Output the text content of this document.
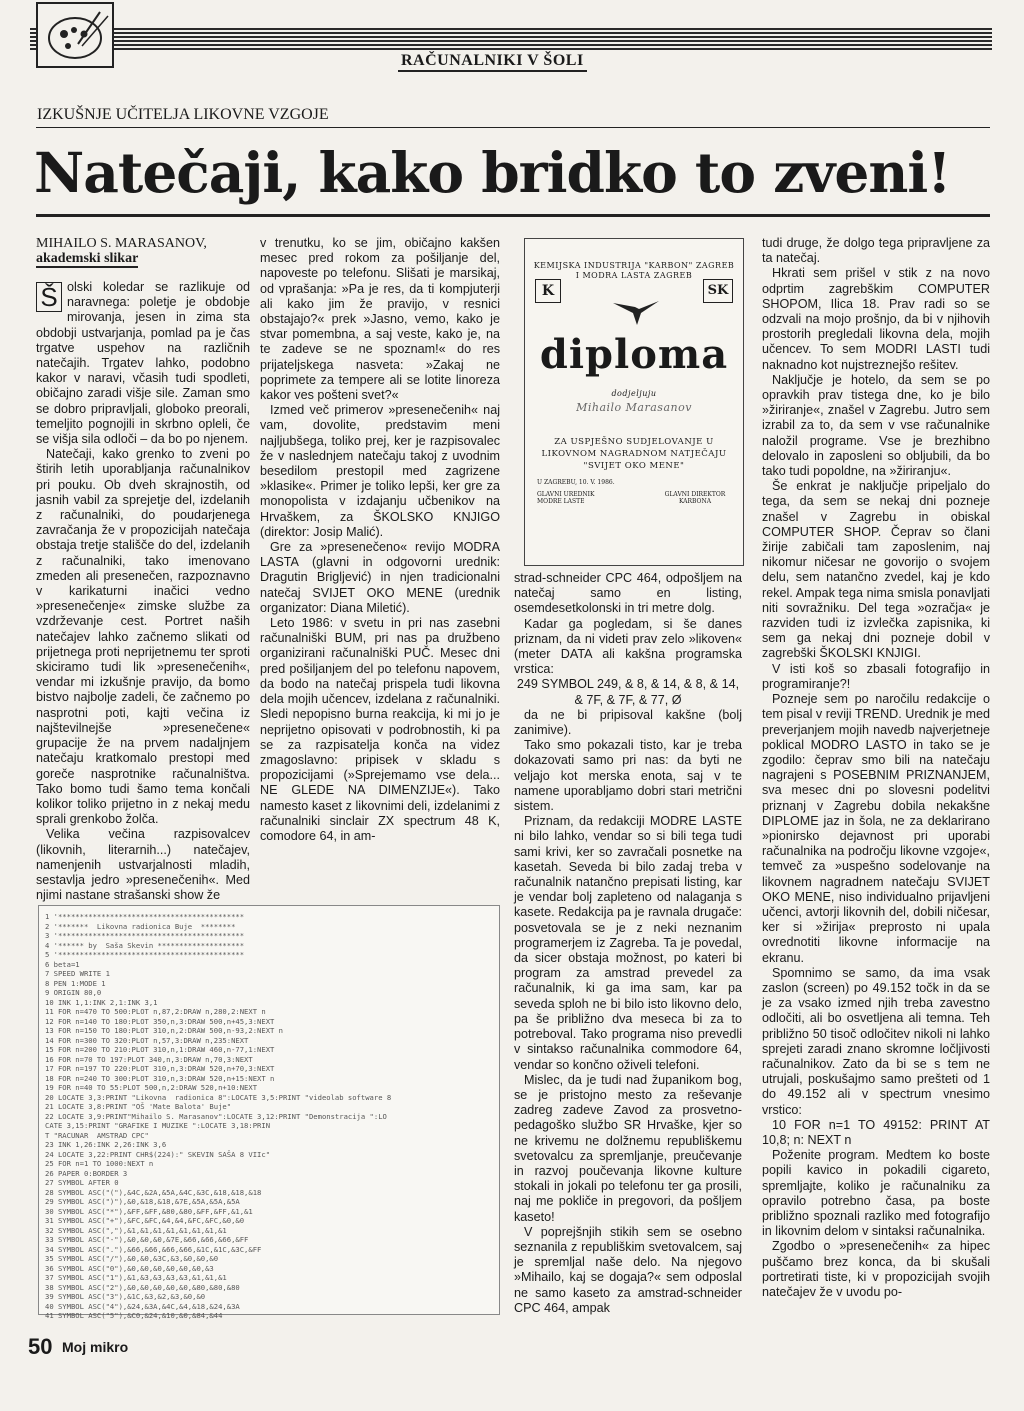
RAČUNALNIKI V ŠOLI
IZKUŠNJE UČITELJA LIKOVNE VZGOJE
Natečaji, kako bridko to zveni!
MIHAILO S. MARASANOV,
akademski slikar

Š olski koledar se razlikuje od naravnega: poletje je obdobje mirovanja, jesen in zima sta obdobji ustvarjanja, pomlad pa je čas trgatve uspehov na različnih natečajih. Trgatev lahko, podobno kakor v naravi, včasih tudi spodleti, običajno zaradi višje sile. Zaman smo se dobro pripravljali, globoko preorali, temeljito pognojili in skrbno opleli, če se višja sila odloči – da bo po njenem.

Natečaji, kako grenko to zveni po štirih letih uporabljanja računalnikov pri pouku. Ob dveh skrajnostih, od jasnih vabil za sprejetje del, izdelanih z računalniki, do poudarjenega zavračanja že v propozicijah natečaja obstaja tretje stališče do del, izdelanih z računalniki, tako imenovano zmeden ali presenečen, razpoznavno v karikaturni inačici vedno »presenečenje« zimske službe za vzdrževanje cest. Portret naših natečajev lahko začnemo slikati od prijetnega proti neprijetnemu ter sproti skiciramo tudi lik »presenečenih«, vendar mi izkušnje pravijo, da bomo bistvo najbolje zadeli, če začnemo po nasprotni poti, kajti večina iz najštevilnejše »presenečene« grupacije že na prvem nadaljnjem natečaju kratkomalo prestopi med goreče nasprotnike računalništva. Tako bomo tudi šamo tema končali kolikor toliko prijetno in z nekaj medu sprali grenkobo žolča.

Velika večina razpisovalcev (likovnih, literarnih...) natečajev, namenjenih ustvarjalnosti mladih, sestavlja jedro »presenečenih«. Med njimi nastane strašanski show že

v trenutku, ko se jim, običajno kakšen mesec pred rokom za pošiljanje del, napoveste po telefonu. Slišati je marsikaj, od vprašanja: »Pa je res, da ti kompjuterji ali kako jim že pravijo, v resnici obstajajo?« prek »Jasno, vemo, kako je stvar pomembna, a saj veste, kako je, na te zadeve se ne spoznam!« do res prijateljskega nasveta: »Zakaj ne poprimete za tempere ali se lotite linoreza kakor ves pošteni svet?«

Izmed več primerov »presenečenih« naj vam, dovolite, predstavim meni najljubšega, toliko prej, ker je razpisovalec že v naslednjem natečaju takoj z uvodnim besedilom prestopil med zagrizene »klasike«. Primer je toliko lepši, ker gre za monopolista v izdajanju učbenikov na Hrvaškem, za ŠKOLSKO KNJIGO (direktor: Josip Malić).

Gre za »presenečeno« revijo MODRA LASTA (glavni in odgovorni urednik: Dragutin Brigljević) in njen tradicionalni natečaj SVIJET OKO MENE (urednik organizator: Diana Miletić).

Leto 1986: v svetu in pri nas zasebni računalniški BUM, pri nas pa družbeno organizirani računalniški PUČ. Mesec dni pred pošiljanjem del po telefonu napovem, da bodo na natečaj prispela tudi likovna dela mojih učencev, izdelana z računalniki. Sledi nepopisno burna reakcija, ki mi jo je neprijetno opisovati v podrobnostih, ki pa se za razpisatelja konča na videz zmagoslavno: pripisek v skladu s propozicijami (»Sprejemamo vse dela... NE GLEDE NA DIMENZIJE«). Tako namesto kaset z likovnimi deli, izdelanimi z računalniki sinclair ZX spectrum 48 K, comodore 64, in am-

KEMIJSKA INDUSTRIJA "KARBON" ZAGREB
I MODRA LASTA ZAGREB
K	SK
diploma
dodjeljuju
Mihailo Marasanov
ZA USPJEŠNO SUDJELOVANJE U
LIKOVNOM NAGRADNOM NATJEČAJU
"SVIJET OKO MENE"
U ZAGREBU, 10. V. 1986.
GLAVNI UREDNIK
MODRE LASTE
GLAVNI DIREKTOR
KARBONA

strad-schneider CPC 464, odpošljem na natečaj samo en listing, osemdesetkolonski in tri metre dolg.

Kadar ga pogledam, si še danes priznam, da ni videti prav zelo »likoven« (meter DATA ali kakšna programska vrstica:

249 SYMBOL 249, & 8, & 14, & 8, & 14, & 7F, & 7F, & 77, Ø

da ne bi pripisoval kakšne (bolj zanimive).

Tako smo pokazali tisto, kar je treba dokazovati samo pri nas: da byti ne veljajo kot merska enota, saj v te namene uporabljamo dobri stari metrični sistem.

Priznam, da redakciji MODRE LASTE ni bilo lahko, vendar so si bili tega tudi sami krivi, ker so zavračali posnetke na kasetah. Seveda bi bilo zadaj treba v računalnik natančno prepisati listing, kar je vendar bolj zapleteno od nalaganja s kasete. Redakcija pa je ravnala drugače: posvetovala se je z neki neznanim programerjem iz Zagreba. Ta je povedal, da sicer obstaja možnost, po kateri bi program za amstrad prevedel za računalnik, ki ga ima sam, kar pa seveda sploh ne bi bilo isto likovno delo, pa še približno dva meseca bi za to potreboval. Tako programa niso prevedli v sintakso računalnika commodore 64, vendar so končno oživeli telefoni.

Mislec, da je tudi nad županikom bog, se je pristojno mesto za reševanje zadreg zadeve Zavod za prosvetno-pedagoško službo SR Hrvaške, kjer so ne krivemu ne dolžnemu republiškemu svetovalcu za spremljanje, preučevanje in razvoj poučevanja likovne kulture stokali in jokali po telefonu ter ga prosili, naj me pokliče in pregovori, da pošljem kaseto!

V poprejšnjih stikih sem se osebno seznanila z republiškim svetovalcem, saj je spremljal naše delo. Na njegovo »Mihailo, kaj se dogaja?« sem odposlal ne samo kaseto za amstrad-schneider CPC 464, ampak

tudi druge, že dolgo tega pripravljene za ta natečaj.

Hkrati sem prišel v stik z na novo odprtim zagrebškim COMPUTER SHOPOM, Ilica 18. Prav radi so se odzvali na mojo prošnjo, da bi v njihovih prostorih pregledali likovna dela, mojih učencev. To sem MODRI LASTI tudi naknadno kot nujstreznejšo rešitev.

Naključje je hotelo, da sem se po opravkih prav tistega dne, ko je bilo »žiriranje«, znašel v Zagrebu. Jutro sem izrabil za to, da sem v vse računalnike naložil programe. Vse je brezhibno delovalo in zaposleni so obljubili, da bo tako tudi popoldne, na »žiriranju«.

Še enkrat je naključje pripeljalo do tega, da sem se nekaj dni pozneje znašel v Zagrebu in obiskal COMPUTER SHOP. Čeprav so člani žirije zabičali tam zaposlenim, naj nikomur ničesar ne govorijo o svojem delu, sem natančno zvedel, kaj je kdo rekel. Ampak tega nima smisla ponavljati niti sovražniku. Del tega »ozračja« je razviden tudi iz izvlečka zapisnika, ki sem ga nekaj dni pozneje dobil v zagrebški ŠKOLSKI KNJIGI.

V isti koš so zbasali fotografijo in programiranje?!

Pozneje sem po naročilu redakcije o tem pisal v reviji TREND. Urednik je med preverjanjem mojih navedb najverjetneje poklical MODRO LASTO in tako se je zgodilo: čeprav smo bili na natečaju nagrajeni s POSEBNIM PRIZNANJEM, sva mesec dni po slovesni podelitvi priznanj v Zagrebu dobila nekakšne DIPLOME jaz in šola, ne za deklarirano »pionirsko dejavnost pri uporabi računalnika na področju likovne vzgoje«, temveč za »uspešno sodelovanje na likovnem nagradnem natečaju SVIJET OKO MENE, niso individualno prijavljeni učenci, avtorji likovnih del, dobili ničesar, ker si »žirija« preprosto ni upala ovrednotiti likovne informacije na ekranu.

Spomnimo se samo, da ima vsak zaslon (screen) po 49.152 točk in da se je za vsako izmed njih treba zavestno odločiti, ali bo osvetljena ali temna. Teh približno 50 tisoč odločitev nikoli ni lahko sprejeti zaradi znano skromne ločljivosti računalnikov. Zato da bi se s tem ne utrujali, poskušajmo samo prešteti od 1 do 49.152 ali v spectrum vnesimo vrstico:

10 FOR n=1 TO 49152: PRINT AT 10,8; n: NEXT n

Poženite program. Medtem ko boste popili kavico in pokadili cigareto, spremljajte, koliko je računalniku za opravilo potrebno časa, pa boste približno spoznali razliko med fotografijo in likovnim delom v sintaksi računalnika.

Zgodbo o »presenečenih« za hipec puščamo brez konca, da bi skušali portretirati tiste, ki v propozicijah svojih natečajev že v uvodu po-

1 '*******************************************
2 '*******  Likovna radionica Buje  ********
3 '*******************************************
4 '****** by  Saša Skevin ********************
5 '*******************************************
6 beta=1
7 SPEED WRITE 1
8 PEN 1:MODE 1
9 ORIGIN 80,0
10 INK 1,1:INK 2,1:INK 3,1
11 FOR n=470 TO 500:PLOT n,87,2:DRAW n,280,2:NEXT n
12 FOR n=140 TO 180:PLOT 350,n,3:DRAW 500,n+45,3:NEXT
13 FOR n=150 TO 180:PLOT 310,n,2:DRAW 500,n-93,2:NEXT n
14 FOR n=300 TO 320:PLOT n,57,3:DRAW n,235:NEXT
15 FOR n=200 TO 210:PLOT 310,n,1:DRAW 460,n-77,1:NEXT
16 FOR n=70 TO 197:PLOT 340,n,3:DRAW n,70,3:NEXT
17 FOR n=197 TO 220:PLOT 310,n,3:DRAW 520,n+70,3:NEXT
18 FOR n=240 TO 300:PLOT 310,n,3:DRAW 520,n+15:NEXT n
19 FOR n=40 TO 55:PLOT 500,n,2:DRAW 520,n+10:NEXT
20 LOCATE 3,3:PRINT "Likovna  radionica 8":LOCATE 3,5:PRINT "videolab software 8
21 LOCATE 3,8:PRINT "OŠ 'Mate Balota' Buje"
22 LOCATE 3,9:PRINT"Mihailo S. Marasanov":LOCATE 3,12:PRINT "Demonstracija ":LO
CATE 3,15:PRINT "GRAFIKE I MUZIKE ":LOCATE 3,18:PRIN
T "RACUNAR  AMSTRAD CPC"
23 INK 1,26:INK 2,26:INK 3,6
24 LOCATE 3,22:PRINT CHR$(224):" SKEVIN SAŠA 8 VIIc"
25 FOR n=1 TO 1000:NEXT n
26 PAPER 0:BORDER 3
27 SYMBOL AFTER 0
28 SYMBOL ASC("("),&4C,&2A,&5A,&4C,&3C,&18,&18,&18
29 SYMBOL ASC(")"),&0,&18,&18,&7E,&5A,&5A,&5A
30 SYMBOL ASC("*"),&FF,&FF,&80,&80,&FF,&FF,&1,&1
31 SYMBOL ASC("+"),&FC,&FC,&4,&4,&FC,&FC,&0,&0
32 SYMBOL ASC(","),&1,&1,&1,&1,&1,&1,&1,&1
33 SYMBOL ASC("-"),&0,&0,&0,&7E,&66,&66,&66,&FF
34 SYMBOL ASC("."),&66,&66,&66,&66,&1C,&1C,&3C,&FF
35 SYMBOL ASC("/"),&0,&0,&3C,&3,&0,&0,&0
36 SYMBOL ASC("0"),&0,&0,&0,&0,&0,&0,&3
37 SYMBOL ASC("1"),&1,&3,&3,&3,&3,&1,&1,&1
38 SYMBOL ASC("2"),&0,&0,&0,&0,&0,&80,&80,&80
39 SYMBOL ASC("3"),&1C,&3,&2,&3,&0,&0
40 SYMBOL ASC("4"),&24,&3A,&4C,&4,&18,&24,&3A
41 SYMBOL ASC("5"),&C0,&24,&10,&0,&84,&44
50 Moj mikro
